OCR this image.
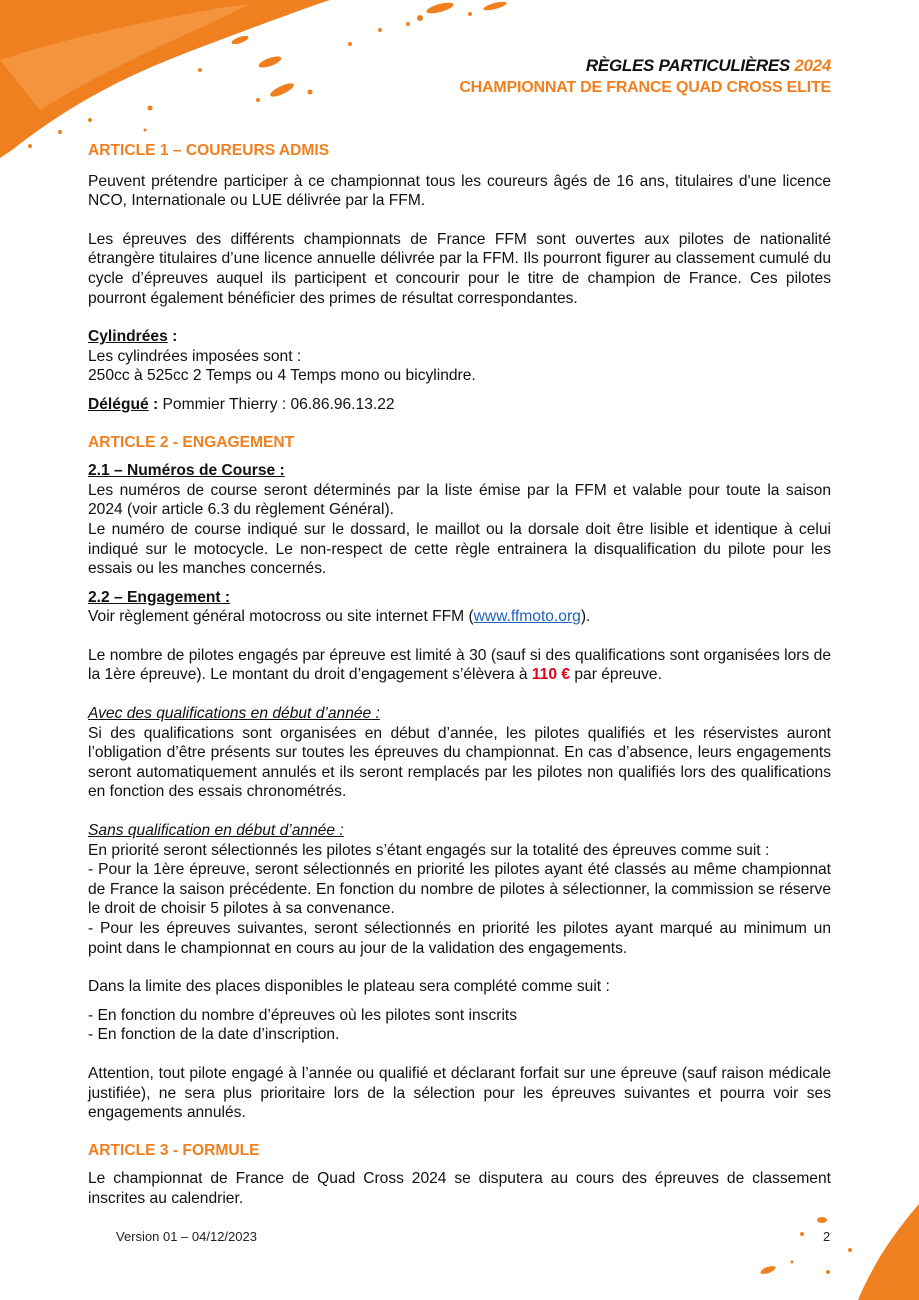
RÈGLES PARTICULIÈRES 2024
CHAMPIONNAT DE FRANCE QUAD CROSS ELITE
ARTICLE 1 – COUREURS ADMIS

Peuvent prétendre participer à ce championnat tous les coureurs âgés de 16 ans, titulaires d'une licence NCO, Internationale ou LUE délivrée par la FFM.

Les épreuves des différents championnats de France FFM sont ouvertes aux pilotes de nationalité étrangère titulaires d’une licence annuelle délivrée par la FFM. Ils pourront figurer au classement cumulé du cycle d’épreuves auquel ils participent et concourir pour le titre de champion de France. Ces pilotes pourront également bénéficier des primes de résultat correspondantes.

Cylindrées :

Les cylindrées imposées sont :

250cc à 525cc 2 Temps ou 4 Temps mono ou bicylindre.

Délégué : Pommier Thierry : 06.86.96.13.22

ARTICLE 2 - ENGAGEMENT

2.1 – Numéros de Course :

Les numéros de course seront déterminés par la liste émise par la FFM et valable pour toute la saison 2024 (voir article 6.3 du règlement Général).

Le numéro de course indiqué sur le dossard, le maillot ou la dorsale doit être lisible et identique à celui indiqué sur le motocycle. Le non-respect de cette règle entrainera la disqualification du pilote pour les essais ou les manches concernés.

2.2 – Engagement :

Voir règlement général motocross ou site internet FFM (www.ffmoto.org).

Le nombre de pilotes engagés par épreuve est limité à 30 (sauf si des qualifications sont organisées lors de la 1ère épreuve). Le montant du droit d’engagement s’élèvera à 110 € par épreuve.

Avec des qualifications en début d’année :

Si des qualifications sont organisées en début d’année, les pilotes qualifiés et les réservistes auront l’obligation d’être présents sur toutes les épreuves du championnat. En cas d’absence, leurs engagements seront automatiquement annulés et ils seront remplacés par les pilotes non qualifiés lors des qualifications en fonction des essais chronométrés.

Sans qualification en début d’année :

En priorité seront sélectionnés les pilotes s’étant engagés sur la totalité des épreuves comme suit :

- Pour la 1ère épreuve, seront sélectionnés en priorité les pilotes ayant été classés au même championnat de France la saison précédente. En fonction du nombre de pilotes à sélectionner, la commission se réserve le droit de choisir 5 pilotes à sa convenance.

- Pour les épreuves suivantes, seront sélectionnés en priorité les pilotes ayant marqué au minimum un point dans le championnat en cours au jour de la validation des engagements.

Dans la limite des places disponibles le plateau sera complété comme suit :

- En fonction du nombre d’épreuves où les pilotes sont inscrits

- En fonction de la date d’inscription.

Attention, tout pilote engagé à l’année ou qualifié et déclarant forfait sur une épreuve (sauf raison médicale justifiée), ne sera plus prioritaire lors de la sélection pour les épreuves suivantes et pourra voir ses engagements annulés.

ARTICLE 3 - FORMULE

Le championnat de France de Quad Cross 2024 se disputera au cours des épreuves de classement inscrites au calendrier.

Version 01 – 04/12/2023	2
